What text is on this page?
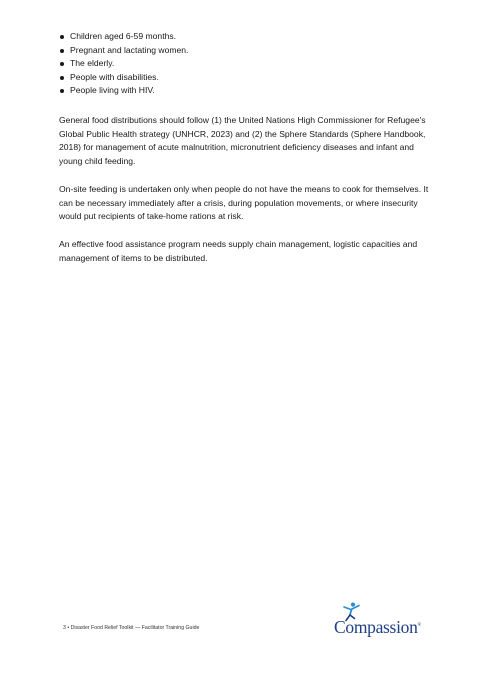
Children aged 6-59 months.
Pregnant and lactating women.
The elderly.
People with disabilities.
People living with HIV.

General food distributions should follow (1) the United Nations High Commissioner for Refugee's Global Public Health strategy (UNHCR, 2023) and (2) the Sphere Standards (Sphere Handbook, 2018) for management of acute malnutrition, micronutrient deficiency diseases and infant and young child feeding.

On-site feeding is undertaken only when people do not have the means to cook for themselves. It can be necessary immediately after a crisis, during population movements, or where insecurity would put recipients of take-home rations at risk.

An effective food assistance program needs supply chain management, logistic capacities and management of items to be distributed.

3 • Disaster Food Relief Toolkit — Facilitator Training Guide	Compassion®
